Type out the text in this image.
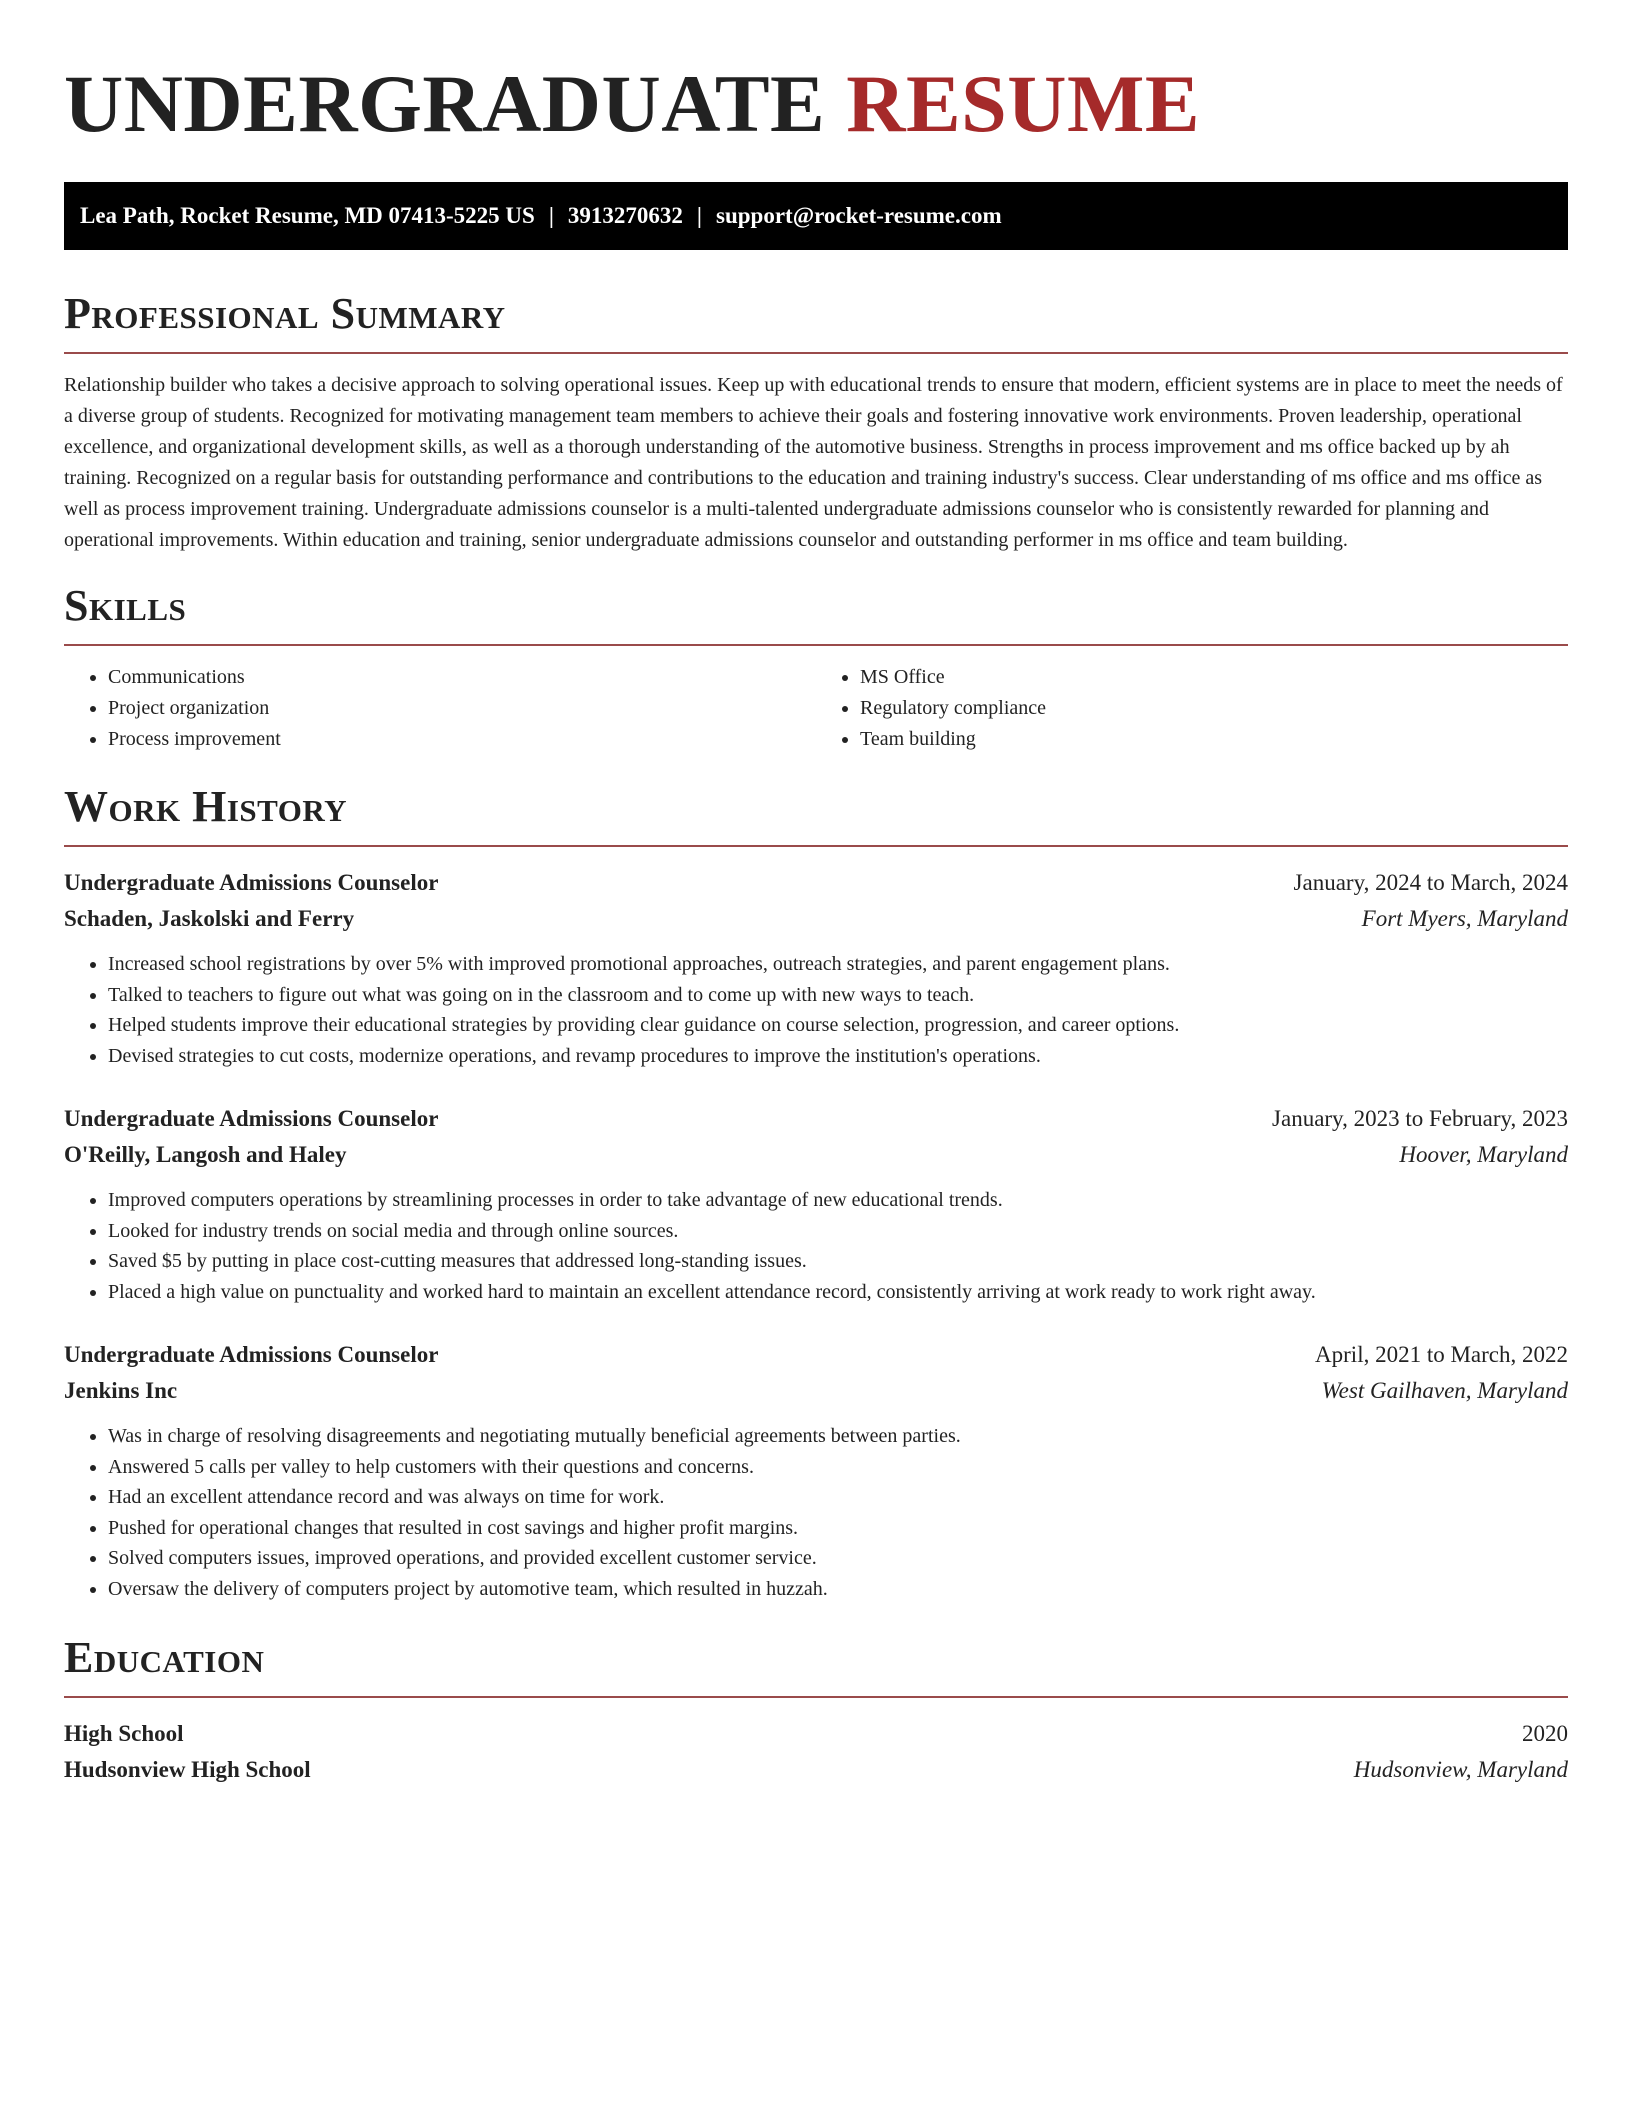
UNDERGRADUATE RESUME
Lea Path, Rocket Resume, MD 07413-5225 US | 3913270632 | support@rocket-resume.com
Professional Summary

Relationship builder who takes a decisive approach to solving operational issues. Keep up with educational trends to ensure that modern, efficient systems are in place to meet the needs of a diverse group of students. Recognized for motivating management team members to achieve their goals and fostering innovative work environments. Proven leadership, operational excellence, and organizational development skills, as well as a thorough understanding of the automotive business. Strengths in process improvement and ms office backed up by ah training. Recognized on a regular basis for outstanding performance and contributions to the education and training industry's success. Clear understanding of ms office and ms office as well as process improvement training. Undergraduate admissions counselor is a multi-talented undergraduate admissions counselor who is consistently rewarded for planning and operational improvements. Within education and training, senior undergraduate admissions counselor and outstanding performer in ms office and team building.

Skills
• Communications
• Project organization
• Process improvement
• MS Office
• Regulatory compliance
• Team building
Work History
Undergraduate Admissions Counselor	January, 2024 to March, 2024
Schaden, Jaskolski and Ferry	Fort Myers, Maryland
• Increased school registrations by over 5% with improved promotional approaches, outreach strategies, and parent engagement plans.
• Talked to teachers to figure out what was going on in the classroom and to come up with new ways to teach.
• Helped students improve their educational strategies by providing clear guidance on course selection, progression, and career options.
• Devised strategies to cut costs, modernize operations, and revamp procedures to improve the institution's operations.
Undergraduate Admissions Counselor	January, 2023 to February, 2023
O'Reilly, Langosh and Haley	Hoover, Maryland
• Improved computers operations by streamlining processes in order to take advantage of new educational trends.
• Looked for industry trends on social media and through online sources.
• Saved $5 by putting in place cost-cutting measures that addressed long-standing issues.
• Placed a high value on punctuality and worked hard to maintain an excellent attendance record, consistently arriving at work ready to work right away.
Undergraduate Admissions Counselor	April, 2021 to March, 2022
Jenkins Inc	West Gailhaven, Maryland
• Was in charge of resolving disagreements and negotiating mutually beneficial agreements between parties.
• Answered 5 calls per valley to help customers with their questions and concerns.
• Had an excellent attendance record and was always on time for work.
• Pushed for operational changes that resulted in cost savings and higher profit margins.
• Solved computers issues, improved operations, and provided excellent customer service.
• Oversaw the delivery of computers project by automotive team, which resulted in huzzah.
Education
High School	2020
Hudsonview High School	Hudsonview, Maryland
